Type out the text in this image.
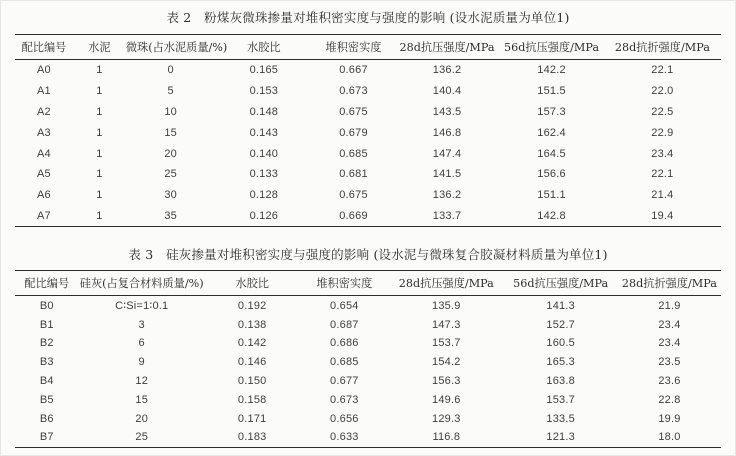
表 2　粉煤灰微珠掺量对堆积密实度与强度的影响 (设水泥质量为单位1)
配比编号	水泥	微珠(占水泥质量/%)	水胶比	堆积密实度	28d抗压强度/MPa	56d抗压强度/MPa	28d抗折强度/MPa
A0	1	0	0.165	0.667	136.2	142.2	22.1
A1	1	5	0.153	0.673	140.4	151.5	22.0
A2	1	10	0.148	0.675	143.5	157.3	22.5
A3	1	15	0.143	0.679	146.8	162.4	22.9
A4	1	20	0.140	0.685	147.4	164.5	23.4
A5	1	25	0.133	0.681	141.5	156.6	22.1
A6	1	30	0.128	0.675	136.2	151.1	21.4
A7	1	35	0.126	0.669	133.7	142.8	19.4
表 3　硅灰掺量对堆积密实度与强度的影响 (设水泥与微珠复合胶凝材料质量为单位1)
配比编号	硅灰(占复合材料质量/%)	水胶比	堆积密实度	28d抗压强度/MPa	56d抗压强度/MPa	28d抗折强度/MPa
B0	C∶Si=1∶0.1	0.192	0.654	135.9	141.3	21.9
B1	3	0.138	0.687	147.3	152.7	23.4
B2	6	0.142	0.686	153.7	160.5	23.4
B3	9	0.146	0.685	154.2	165.3	23.5
B4	12	0.150	0.677	156.3	163.8	23.6
B5	15	0.158	0.673	149.6	153.7	22.8
B6	20	0.171	0.656	129.3	133.5	19.9
B7	25	0.183	0.633	116.8	121.3	18.0
